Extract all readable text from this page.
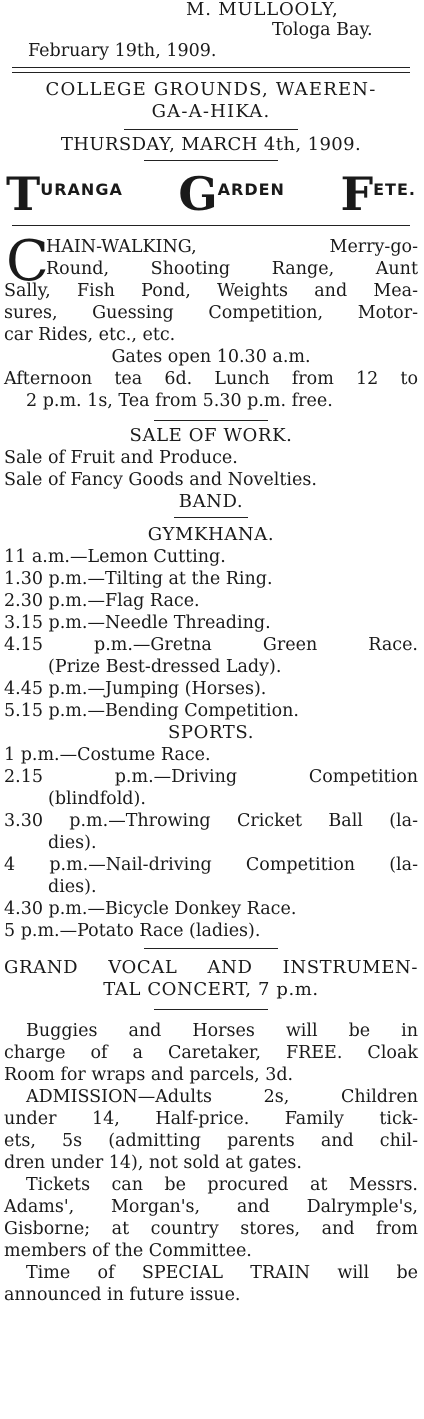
M. MULLOOLY,
Tologa Bay.
February 19th, 1909.
COLLEGE GROUNDS, WAEREN-
GA-A-HIKA.
THURSDAY, MARCH 4th, 1909.
T URANGA G ARDEN F ETE.
C
HAIN-WALKING, Merry-go-
Round, Shooting Range, Aunt
Sally, Fish Pond, Weights and Mea-
sures, Guessing Competition, Motor-
car Rides, etc., etc.
Gates open 10.30 a.m.
Afternoon tea 6d. Lunch from 12 to
2 p.m. 1s, Tea from 5.30 p.m. free.
SALE OF WORK.
Sale of Fruit and Produce.
Sale of Fancy Goods and Novelties.
BAND.
GYMKHANA.
11 a.m.—Lemon Cutting.
1.30 p.m.—Tilting at the Ring.
2.30 p.m.—Flag Race.
3.15 p.m.—Needle Threading.
4.15 p.m.—Gretna Green Race.
(Prize Best-dressed Lady).
4.45 p.m.—Jumping (Horses).
5.15 p.m.—Bending Competition.
SPORTS.
1 p.m.—Costume Race.
2.15 p.m.—Driving Competition
(blindfold).
3.30 p.m.—Throwing Cricket Ball (la-
dies).
4 p.m.—Nail-driving Competition (la-
dies).
4.30 p.m.—Bicycle Donkey Race.
5 p.m.—Potato Race (ladies).
GRAND VOCAL AND INSTRUMEN-
TAL CONCERT, 7 p.m.
Buggies and Horses will be in
charge of a Caretaker, FREE. Cloak
Room for wraps and parcels, 3d.
ADMISSION—Adults 2s, Children
under 14, Half-price. Family tick-
ets, 5s (admitting parents and chil-
dren under 14), not sold at gates.
Tickets can be procured at Messrs.
Adams', Morgan's, and Dalrymple's,
Gisborne; at country stores, and from
members of the Committee.
Time of SPECIAL TRAIN will be
announced in future issue.
